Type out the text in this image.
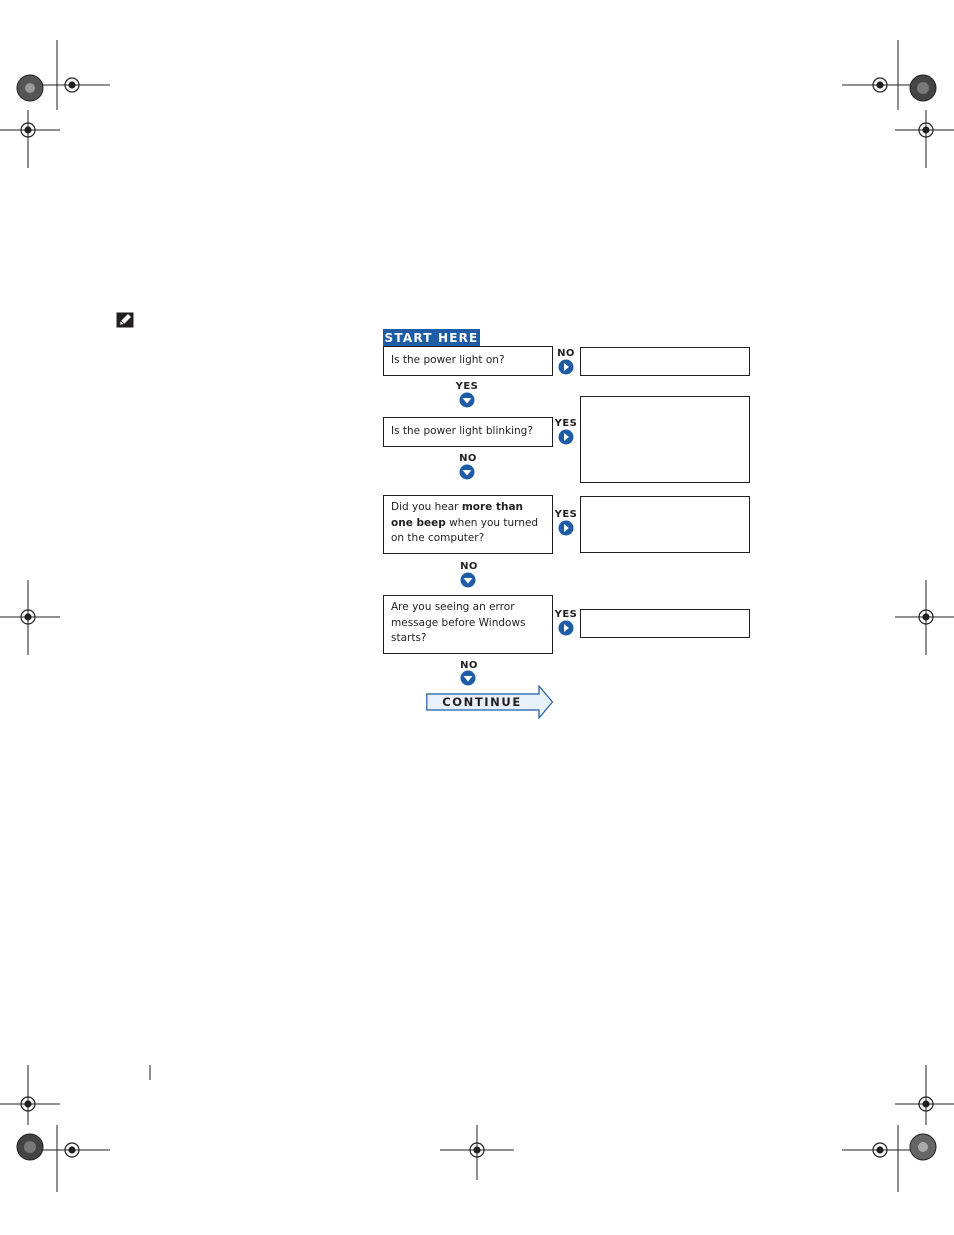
START HERE
Is the power light on?
NO
YES
Is the power light blinking?
YES
NO
Did you hear more than one beep when you turned on the computer?
YES
NO
Are you seeing an error message before Windows starts?
YES
NO
CONTINUE
